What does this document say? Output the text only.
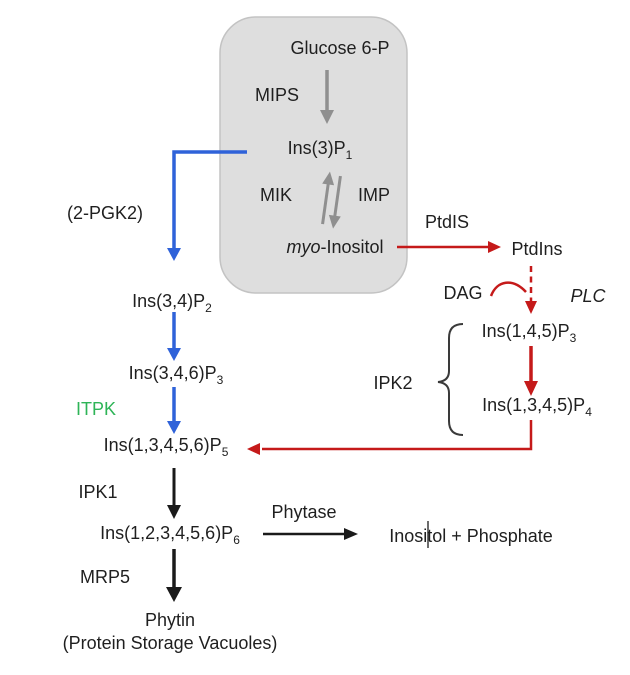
Glucose 6-P
MIPS
$Ins(3)P_1$
MIK	IMP
myo-Inositol
(2-PGK2)	PtdIS
PtdIns
DAG	PLC
$Ins(1,4,5)P_3$
IPK2
$Ins(1,3,4,5)P_4$
$Ins(3,4)P_2$
$Ins(3,4,6)P_3$
ITPK
$Ins(1,3,4,5,6)P_5$
IPK1
$Ins(1,2,3,4,5,6)P_6$
Phytase
Inositol + Phosphate
MRP5
Phytin
(Protein Storage Vacuoles)
